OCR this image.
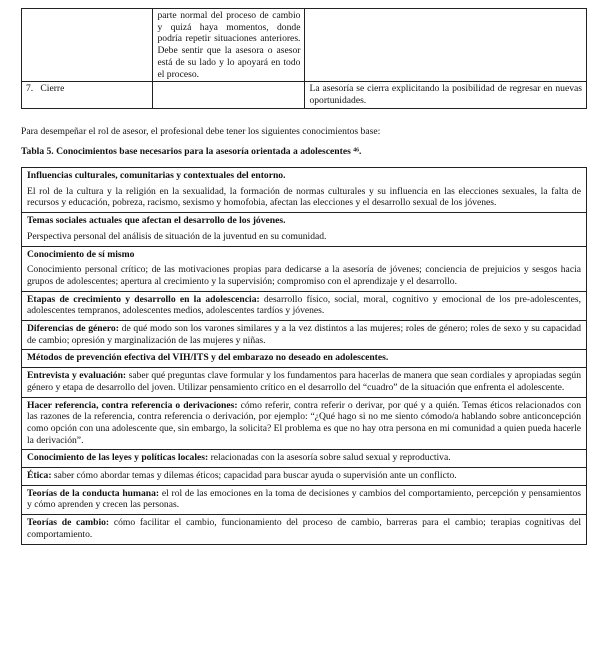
	parte normal del proceso de cambio y quizá haya momentos, donde podría repetir situaciones anteriores. Debe sentir que la asesora o asesor está de su lado y lo apoyará en todo el proceso.	
7. Cierre		La asesoría se cierra explicitando la posibilidad de regresar en nuevas oportunidades.
Para desempeñar el rol de asesor, el profesional debe tener los siguientes conocimientos base:
Tabla 5. Conocimientos base necesarios para la asesoría orientada a adolescentes ⁴⁶.
Influencias culturales, comunitarias y contextuales del entorno.
El rol de la cultura y la religión en la sexualidad, la formación de normas culturales y su influencia en las elecciones sexuales, la falta de recursos y educación, pobreza, racismo, sexismo y homofobia, afectan las elecciones y el desarrollo sexual de los jóvenes.

Temas sociales actuales que afectan el desarrollo de los jóvenes.
Perspectiva personal del análisis de situación de la juventud en su comunidad.

Conocimiento de sí mismo
Conocimiento personal crítico; de las motivaciones propias para dedicarse a la asesoría de jóvenes; conciencia de prejuicios y sesgos hacia grupos de adolescentes; apertura al crecimiento y la supervisión; compromiso con el aprendizaje y el desarrollo.

Etapas de crecimiento y desarrollo en la adolescencia: desarrollo físico, social, moral, cognitivo y emocional de los pre-adolescentes, adolescentes tempranos, adolescentes medios, adolescentes tardíos y jóvenes.
Diferencias de género: de qué modo son los varones similares y a la vez distintos a las mujeres; roles de género; roles de sexo y su capacidad de cambio; opresión y marginalización de las mujeres y niñas.

Métodos de prevención efectiva del VIH/ITS y del embarazo no deseado en adolescentes.

Entrevista y evaluación: saber qué preguntas clave formular y los fundamentos para hacerlas de manera que sean cordiales y apropiadas según género y etapa de desarrollo del joven. Utilizar pensamiento crítico en el desarrollo del “cuadro” de la situación que enfrenta el adolescente.
Hacer referencia, contra referencia o derivaciones: cómo referir, contra referir o derivar, por qué y a quién. Temas éticos relacionados con las razones de la referencia, contra referencia o derivación, por ejemplo: “¿Qué hago si no me siento cómodo/a hablando sobre anticoncepción como opción con una adolescente que, sin embargo, la solicita? El problema es que no hay otra persona en mi comunidad a quien pueda hacerle la derivación”.
Conocimiento de las leyes y políticas locales: relacionadas con la asesoría sobre salud sexual y reproductiva.
Ética: saber cómo abordar temas y dilemas éticos; capacidad para buscar ayuda o supervisión ante un conflicto.
Teorías de la conducta humana: el rol de las emociones en la toma de decisiones y cambios del comportamiento, percepción y pensamientos y cómo aprenden y crecen las personas.
Teorías de cambio: cómo facilitar el cambio, funcionamiento del proceso de cambio, barreras para el cambio; terapias cognitivas del comportamiento.
